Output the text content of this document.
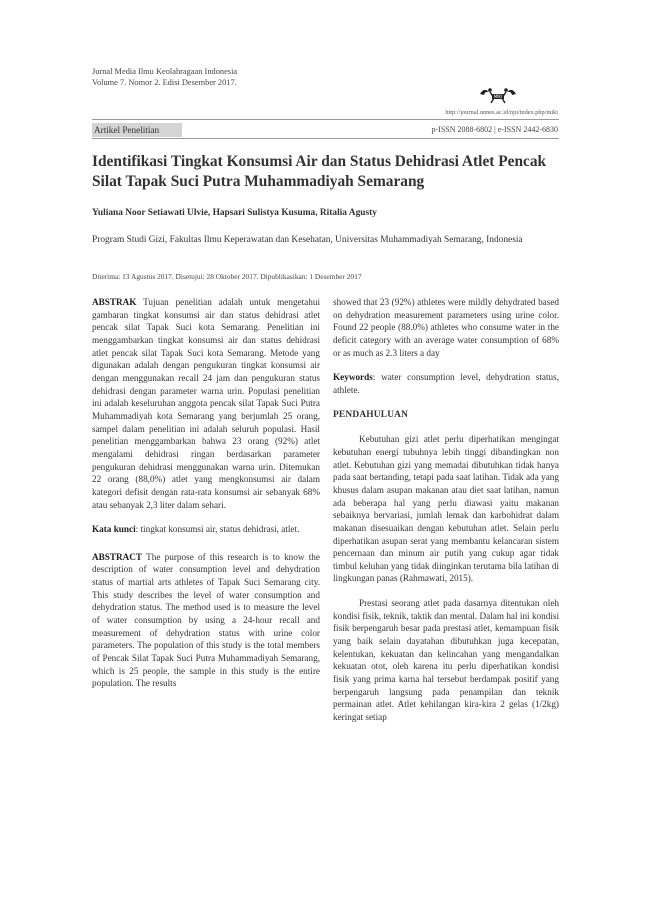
Jurnal Media Ilmu Keolahragaan Indonesia
Volume 7. Nomor 2. Edisi Desember 2017.
MIKI
http://journal.unnes.ac.id/nju/index.php/miki
Artikel Penelitian	p-ISSN 2088-6802 | e-ISSN 2442-6830
Identifikasi Tingkat Konsumsi Air dan Status Dehidrasi Atlet Pencak Silat Tapak Suci Putra Muhammadiyah Semarang
Yuliana Noor Setiawati Ulvie, Hapsari Sulistya Kusuma, Ritalia Agusty
Program Studi Gizi, Fakultas Ilmu Keperawatan dan Kesehatan, Universitas Muhammadiyah Semarang, Indonesia
Diterima: 13 Agustus 2017. Disetujui: 28 Oktober 2017. Dipublikasikan: 1 Desember 2017

ABSTRAK Tujuan penelitian adalah untuk mengetahui gambaran tingkat konsumsi air dan status dehidrasi atlet pencak silat Tapak Suci kota Semarang. Penelitian ini menggambarkan tingkat konsumsi air dan status dehidrasi atlet pencak silat Tapak Suci kota Semarang. Metode yang digunakan adalah dengan pengukuran tingkat konsumsi air dengan menggunakan recall 24 jam dan pengukuran status dehidrasi dengan parameter warna urin. Populasi penelitian ini adalah keseluruhan anggota pencak silat Tapak Suci Putra Muhammadiyah kota Semarang yang berjumlah 25 orang, sampel dalam penelitian ini adalah seluruh populasi. Hasil penelitian menggambarkan bahwa 23 orang (92%) atlet mengalami dehidrasi ringan berdasarkan parameter pengukuran dehidrasi menggunakan warna urin. Ditemukan 22 orang (88,0%) atlet yang mengkonsumsi air dalam kategori defisit dengan rata-rata konsumsi air sebanyak 68% atau sebanyak 2,3 liter dalam sehari.

Kata kunci: tingkat konsumsi air, status dehidrasi, atlet.

ABSTRACT The purpose of this research is to know the description of water consumption level and dehydration status of martial arts athletes of Tapak Suci Semarang city. This study describes the level of water consumption and dehydration status. The method used is to measure the level of water consumption by using a 24-hour recall and measurement of dehydration status with urine color parameters. The population of this study is the total members of Pencak Silat Tapak Suci Putra Muhammadiyah Semarang, which is 25 people, the sample in this study is the entire population. The results

showed that 23 (92%) athletes were mildly dehydrated based on dehydration measurement parameters using urine color. Found 22 people (88.0%) athletes who consume water in the deficit category with an average water consumption of 68% or as much as 2.3 liters a day

Keywords: water consumption level, dehydration status, athlete.

PENDAHULUAN

Kebutuhan gizi atlet perlu diperhatikan mengingat kebutuhan energi tubuhnya lebih tinggi dibandingkan non atlet. Kebutuhan gizi yang memadai dibutuhkan tidak hanya pada saat bertanding, tetapi pada saat latihan. Tidak ada yang khusus dalam asupan makanan atau diet saat latihan, namun ada beberapa hal yang perlu diawasi yaitu makanan sebaiknya bervariasi, jumlah lemak dan karbohidrat dalam makanan disesuaikan dengan kebutuhan atlet. Selain perlu diperhatikan asupan serat yang membantu kelancaran sistem pencernaan dan minum air putih yang cukup agar tidak timbul keluhan yang tidak diinginkan terutama bila latihan di lingkungan panas (Rahmawati, 2015).

Prestasi seorang atlet pada dasarnya ditentukan oleh kondisi fisik, teknik, taktik dan mental. Dalam hal ini kondisi fisik berpengaruh besar pada prestasi atlet, kemampuan fisik yang baik selain dayatahan dibutuhkan juga kecepatan, kelentukan, kekuatan dan kelincahan yang mengandalkan kekuatan otot, oleh karena itu perlu diperhatikan kondisi fisik yang prima karna hal tersebut berdampak positif yang berpengaruh langsung pada penampilan dan teknik permainan atlet. Atlet kehilangan kira-kira 2 gelas (1/2kg) keringat setiap
